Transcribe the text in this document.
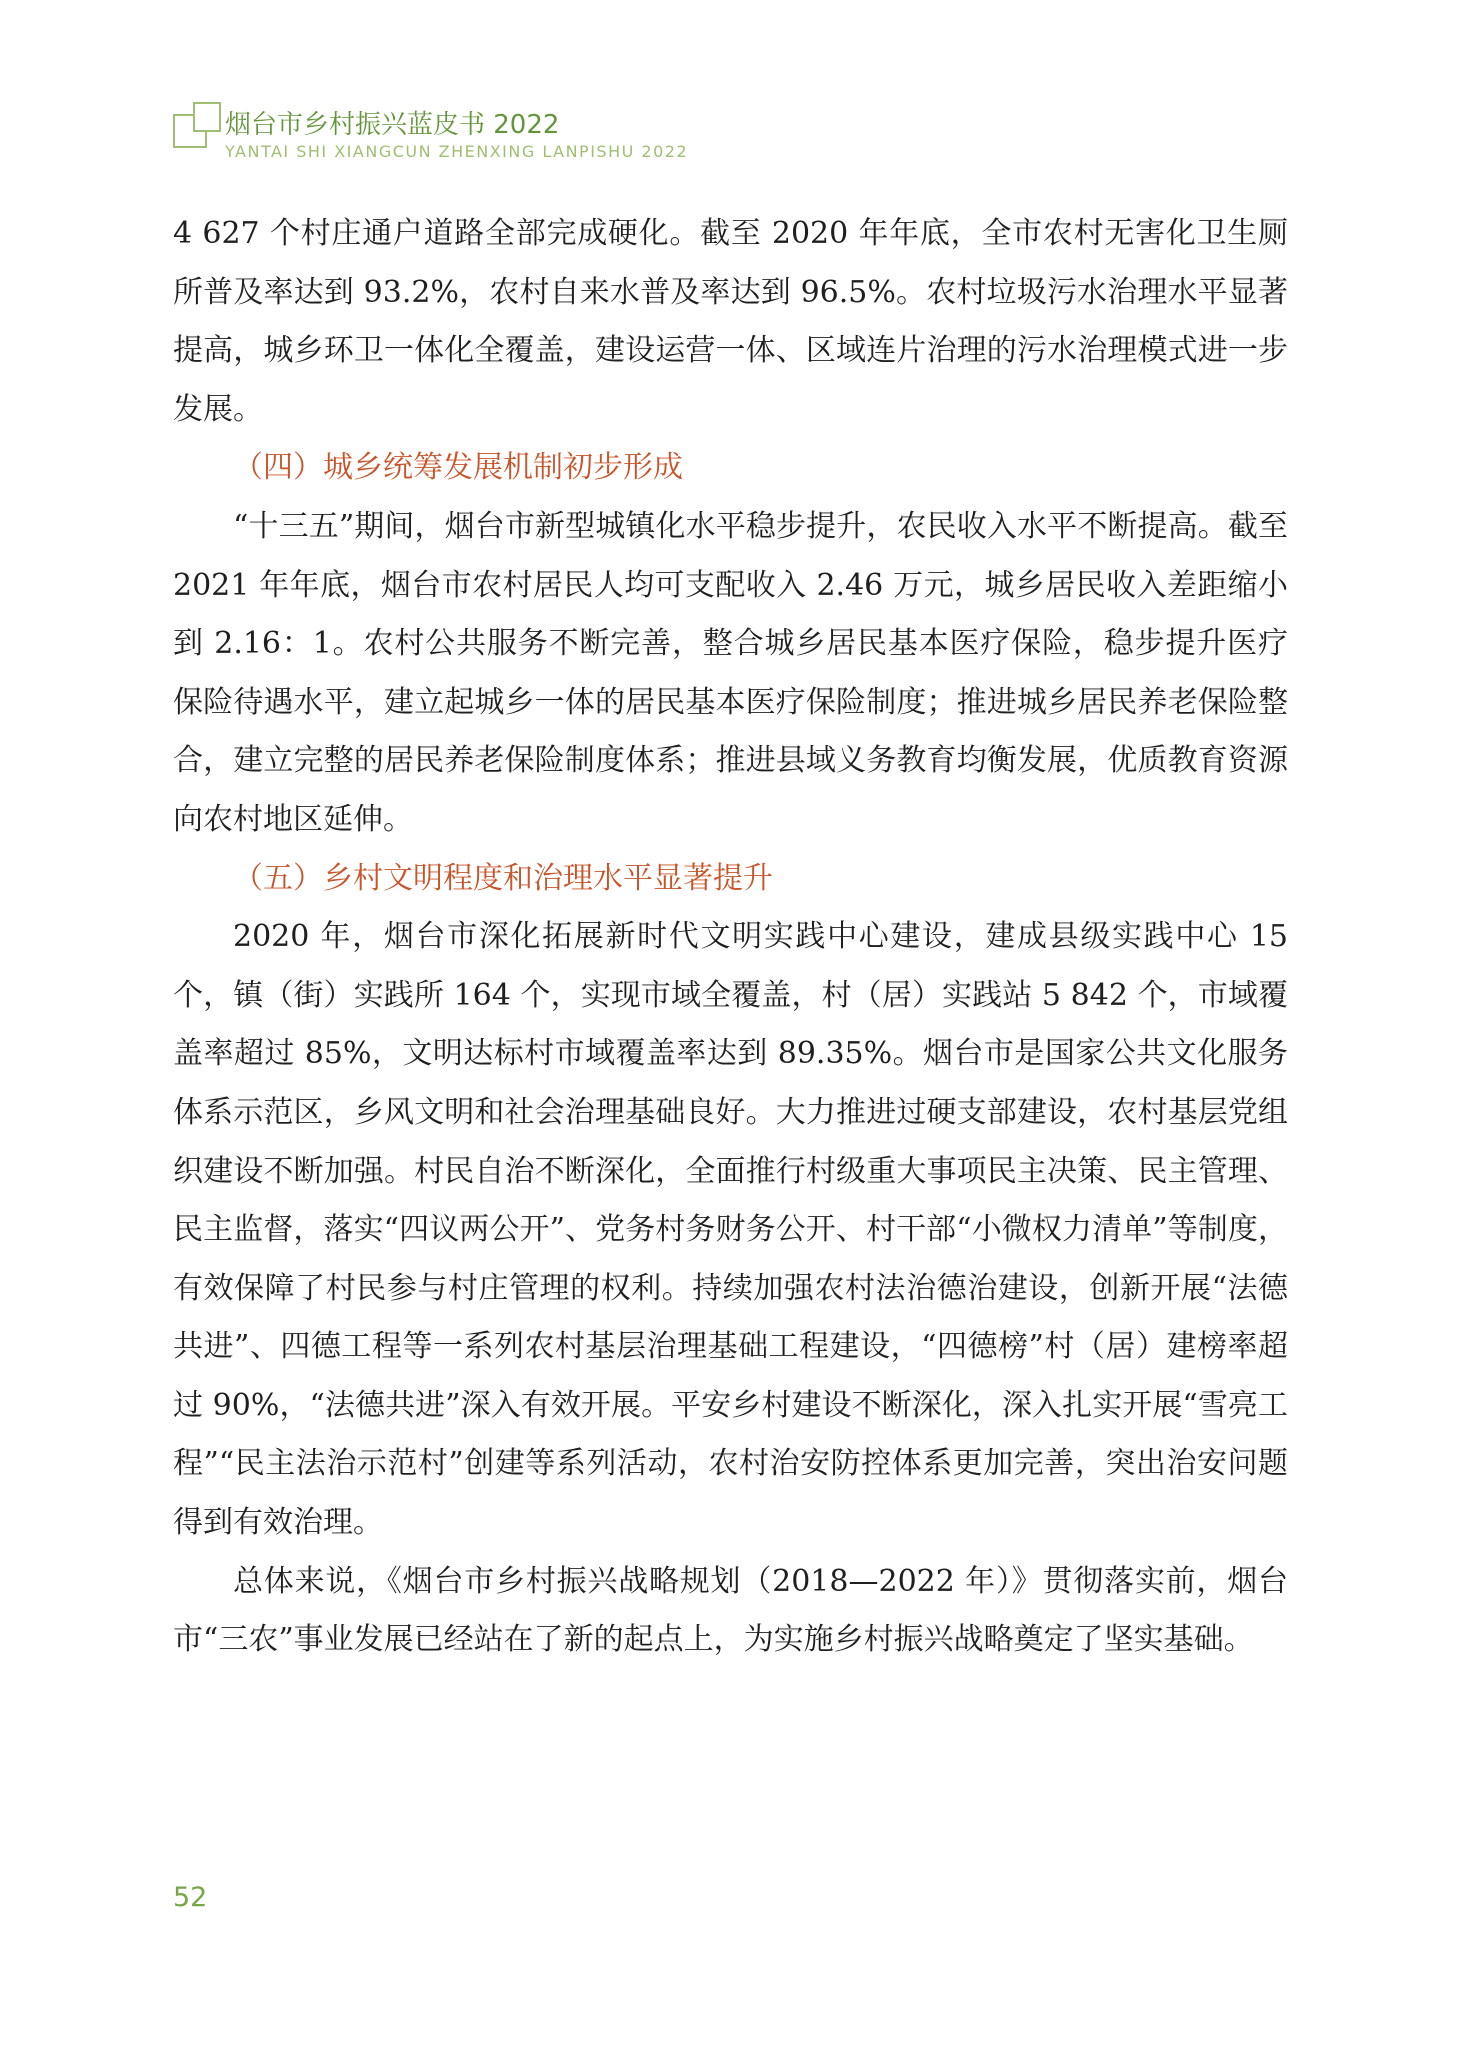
烟台市乡村振兴蓝皮书 2022
YANTAI SHI XIANGCUN ZHENXING LANPISHU 2022

4 627 个村庄通户道路全部完成硬化。截至 2020 年年底，全市农村无害化卫生厕所普及率达到 93.2%，农村自来水普及率达到 96.5%。农村垃圾污水治理水平显著提高，城乡环卫一体化全覆盖，建设运营一体、区域连片治理的污水治理模式进一步发展。

（四）城乡统筹发展机制初步形成

“十三五”期间，烟台市新型城镇化水平稳步提升，农民收入水平不断提高。截至 2021 年年底，烟台市农村居民人均可支配收入 2.46 万元，城乡居民收入差距缩小到 2.16：1。农村公共服务不断完善，整合城乡居民基本医疗保险，稳步提升医疗保险待遇水平，建立起城乡一体的居民基本医疗保险制度；推进城乡居民养老保险整合，建立完整的居民养老保险制度体系；推进县域义务教育均衡发展，优质教育资源向农村地区延伸。

（五）乡村文明程度和治理水平显著提升

2020 年，烟台市深化拓展新时代文明实践中心建设，建成县级实践中心 15 个，镇（街）实践所 164 个，实现市域全覆盖，村（居）实践站 5 842 个，市域覆盖率超过 85%，文明达标村市域覆盖率达到 89.35%。烟台市是国家公共文化服务体系示范区，乡风文明和社会治理基础良好。大力推进过硬支部建设，农村基层党组织建设不断加强。村民自治不断深化，全面推行村级重大事项民主决策、民主管理、民主监督，落实“四议两公开”、党务村务财务公开、村干部“小微权力清单”等制度，有效保障了村民参与村庄管理的权利。持续加强农村法治德治建设，创新开展“法德共进”、四德工程等一系列农村基层治理基础工程建设，“四德榜”村（居）建榜率超过 90%，“法德共进”深入有效开展。平安乡村建设不断深化，深入扎实开展“雪亮工程”“民主法治示范村”创建等系列活动，农村治安防控体系更加完善，突出治安问题得到有效治理。

总体来说，《烟台市乡村振兴战略规划（2018—2022 年）》贯彻落实前，烟台市“三农”事业发展已经站在了新的起点上，为实施乡村振兴战略奠定了坚实基础。

52
